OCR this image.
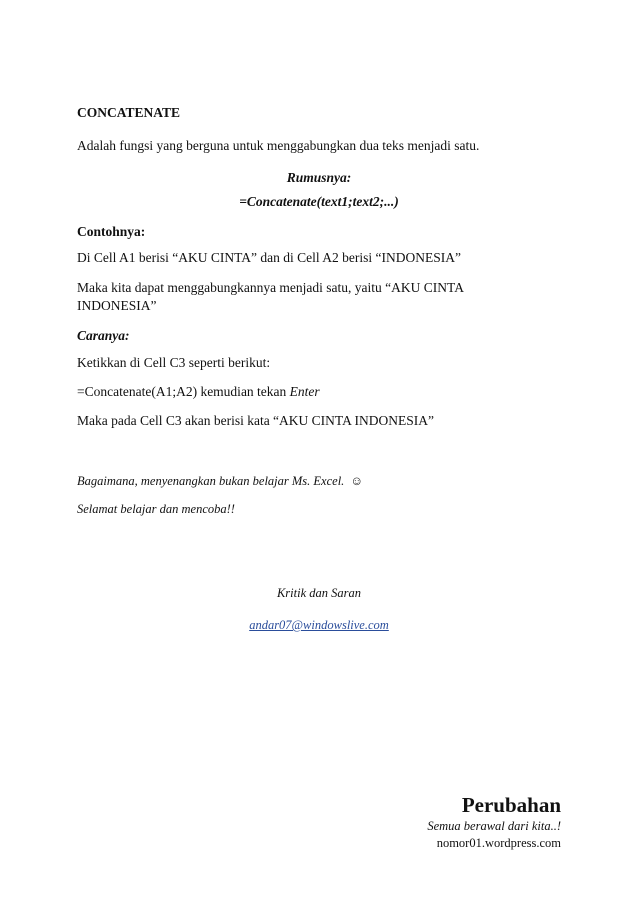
CONCATENATE
Adalah fungsi yang berguna untuk menggabungkan dua teks menjadi satu.
Rumusnya:
=Concatenate(text1;text2;...)
Contohnya:
Di Cell A1 berisi “AKU CINTA” dan di Cell A2 berisi “INDONESIA”
Maka kita dapat menggabungkannya menjadi satu, yaitu “AKU CINTA INDONESIA”
Caranya:
Ketikkan di Cell C3 seperti berikut:
=Concatenate(A1;A2) kemudian tekan Enter
Maka pada Cell C3 akan berisi kata “AKU CINTA INDONESIA”
Bagaimana, menyenangkan bukan belajar Ms. Excel. ☺
Selamat belajar dan mencoba!!
Kritik dan Saran
andar07@windowslive.com
Perubahan
Semua berawal dari kita..!
nomor01.wordpress.com
